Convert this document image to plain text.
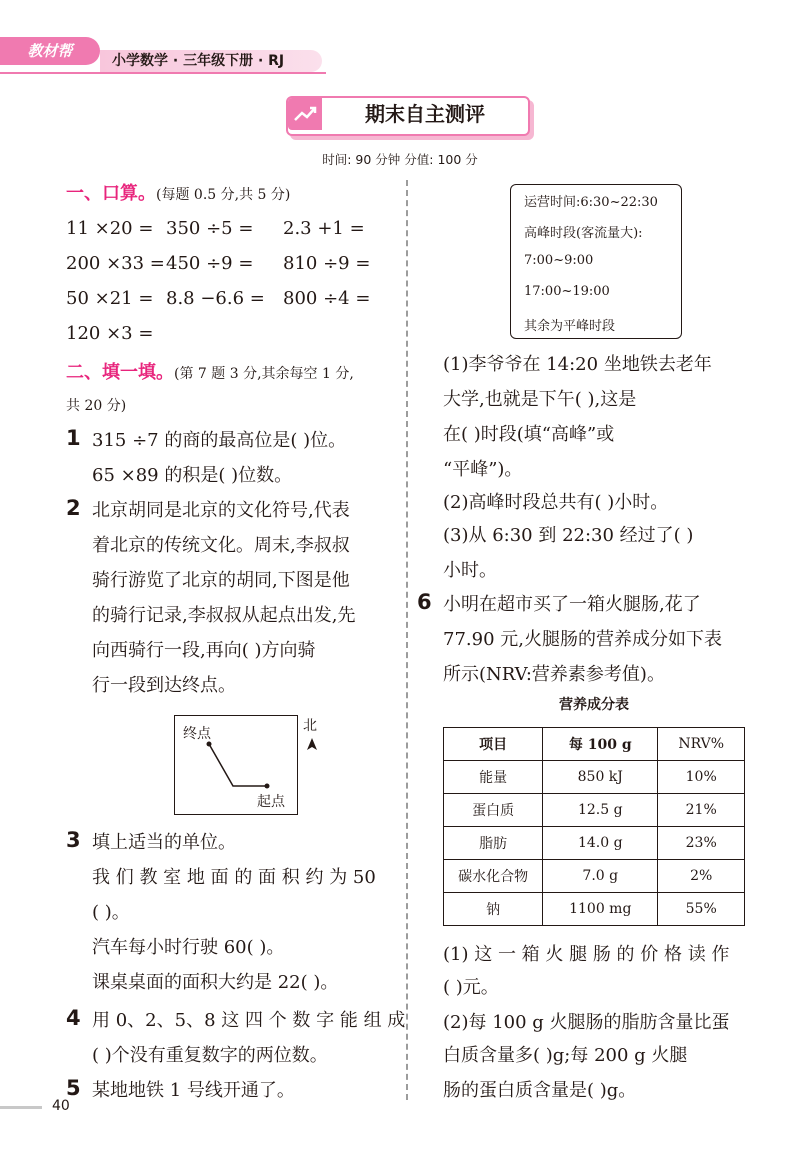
教材帮
小学数学 · 三年级下册 · RJ
期末自主测评
时间: 90 分钟 分值: 100 分
一、口算。(每题 0.5 分,共 5 分)
11 ×20 = 350 ÷5 = 2.3 +1 =
200 ×33 = 450 ÷9 = 810 ÷9 =
50 ×21 = 8.8 −6.6 = 800 ÷4 =
120 ×3 =
二、填一填。(第 7 题 3 分,其余每空 1 分,
共 20 分)
1 315 ÷7 的商的最高位是( )位。
65 ×89 的积是( )位数。
2 北京胡同是北京的文化符号,代表
着北京的传统文化。周末,李叔叔
骑行游览了北京的胡同,下图是他
的骑行记录,李叔叔从起点出发,先
向西骑行一段,再向( )方向骑
行一段到达终点。
终点
起点
北
3 填上适当的单位。
我 们 教 室 地 面 的 面 积 约 为 50
( )。
汽车每小时行驶 60( )。
课桌桌面的面积大约是 22( )。
4 用 0、2、5、8 这 四 个 数 字 能 组 成
( )个没有重复数字的两位数。
5 某地地铁 1 号线开通了。
运营时间:6:30~22:30
高峰时段(客流量大):
7:00~9:00
17:00~19:00
其余为平峰时段
(1)李爷爷在 14:20 坐地铁去老年
大学,也就是下午( ),这是
在( )时段(填“高峰”或
“平峰”)。
(2)高峰时段总共有( )小时。
(3)从 6:30 到 22:30 经过了( )
小时。
6 小明在超市买了一箱火腿肠,花了
77.90 元,火腿肠的营养成分如下表
所示(NRV:营养素参考值)。
营养成分表
项目	每 100 g	NRV%
能量	850 kJ	10%
蛋白质	12.5 g	21%
脂肪	14.0 g	23%
碳水化合物	7.0 g	2%
钠	1100 mg	55%
(1) 这 一 箱 火 腿 肠 的 价 格 读 作
( )元。
(2)每 100 g 火腿肠的脂肪含量比蛋
白质含量多( )g;每 200 g 火腿
肠的蛋白质含量是( )g。
40
